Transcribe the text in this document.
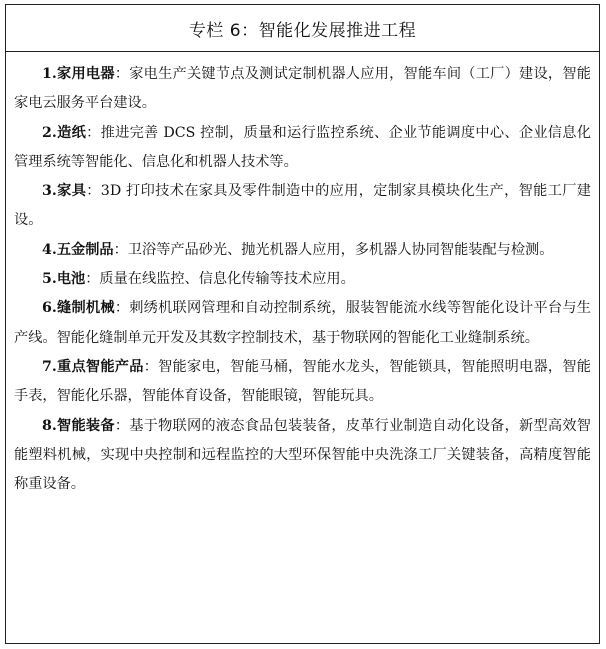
专栏 6：智能化发展推进工程

1.家用电器：家电生产关键节点及测试定制机器人应用，智能车间（工厂）建设，智能家电云服务平台建设。

2.造纸：推进完善 DCS 控制，质量和运行监控系统、企业节能调度中心、企业信息化管理系统等智能化、信息化和机器人技术等。

3.家具：3D 打印技术在家具及零件制造中的应用，定制家具模块化生产，智能工厂建设。

4.五金制品：卫浴等产品砂光、抛光机器人应用，多机器人协同智能装配与检测。

5.电池：质量在线监控、信息化传输等技术应用。

6.缝制机械：刺绣机联网管理和自动控制系统，服装智能流水线等智能化设计平台与生产线。智能化缝制单元开发及其数字控制技术，基于物联网的智能化工业缝制系统。

7.重点智能产品：智能家电，智能马桶，智能水龙头，智能锁具，智能照明电器，智能手表，智能化乐器，智能体育设备，智能眼镜，智能玩具。

8.智能装备：基于物联网的液态食品包装装备，皮革行业制造自动化设备，新型高效智能塑料机械，实现中央控制和远程监控的大型环保智能中央洗涤工厂关键装备，高精度智能称重设备。
